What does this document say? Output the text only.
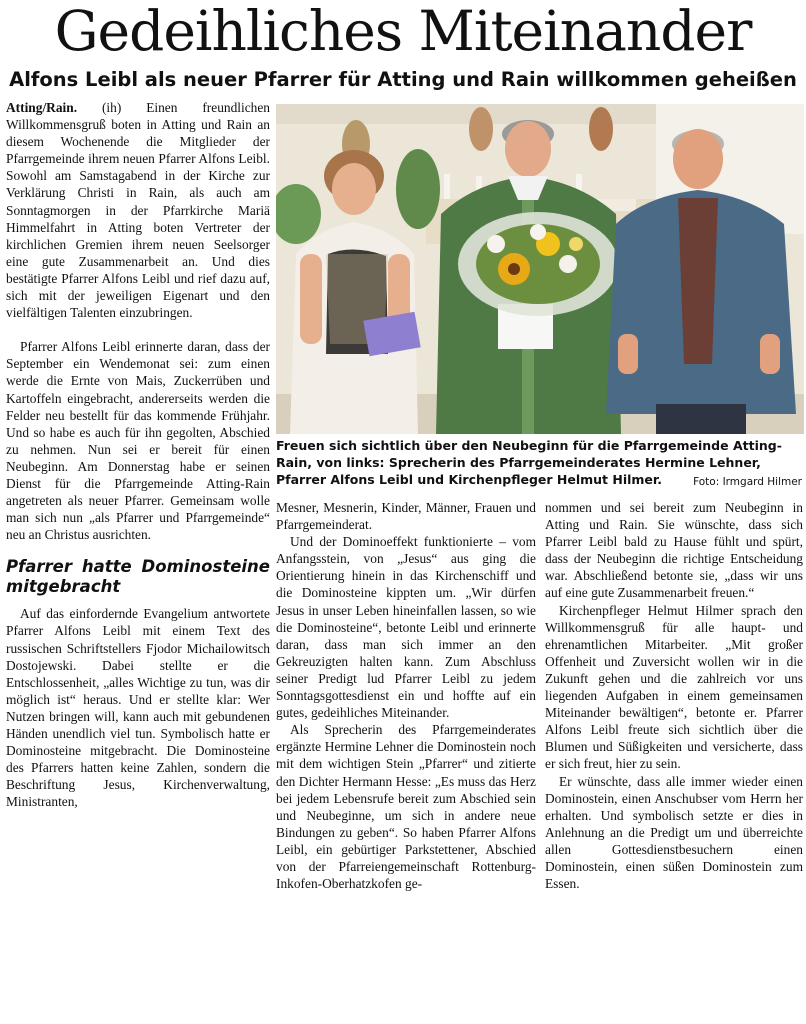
Gedeihliches Miteinander
Alfons Leibl als neuer Pfarrer für Atting und Rain willkommen geheißen

Atting/Rain. (ih) Einen freundlichen Willkommensgruß boten in Atting und Rain an diesem Wochenende die Mitglieder der Pfarrgemeinde ihrem neuen Pfarrer Alfons Leibl. Sowohl am Samstagabend in der Kirche zur Verklärung Christi in Rain, als auch am Sonntagmorgen in der Pfarrkirche Mariä Himmelfahrt in Atting boten Vertreter der kirchlichen Gremien ihrem neuen Seelsorger eine gute Zusammenarbeit an. Und dies bestätigte Pfarrer Alfons Leibl und rief dazu auf, sich mit der jeweiligen Eigenart und den vielfältigen Talenten einzubringen.

Pfarrer Alfons Leibl erinnerte daran, dass der September ein Wendemonat sei: zum einen werde die Ernte von Mais, Zuckerrüben und Kartoffeln eingebracht, andererseits werden die Felder neu bestellt für das kommende Frühjahr. Und so habe es auch für ihn gegolten, Abschied zu nehmen. Nun sei er bereit für einen Neubeginn. Am Donnerstag habe er seinen Dienst für die Pfarrgemeinde Atting-Rain angetreten als neuer Pfarrer. Gemeinsam wolle man sich nun „als Pfarrer und Pfarrgemeinde“ neu an Christus ausrichten.

Pfarrer hatte Dominosteine mitgebracht

Auf das einfordernde Evangelium antwortete Pfarrer Alfons Leibl mit einem Text des russischen Schriftstellers Fjodor Michailowitsch Dostojewski. Dabei stellte er die Entschlossenheit, „alles Wichtige zu tun, was dir möglich ist“ heraus. Und er stellte klar: Wer Nutzen bringen will, kann auch mit gebundenen Händen unendlich viel tun. Symbolisch hatte er Dominosteine mitgebracht. Die Dominosteine des Pfarrers hatten keine Zahlen, sondern die Beschriftung Jesus, Kirchenverwaltung, Ministranten,

Freuen sich sichtlich über den Neubeginn für die Pfarrgemeinde Atting-Rain, von links: Sprecherin des Pfarrgemeinderates Hermine Lehner, Pfarrer Alfons Leibl und Kirchenpfleger Helmut Hilmer.	Foto: Irmgard Hilmer

Mesner, Mesnerin, Kinder, Männer, Frauen und Pfarrgemeinderat.

Und der Dominoeffekt funktionierte – vom Anfangsstein, von „Jesus“ aus ging die Orientierung hinein in das Kirchenschiff und die Dominosteine kippten um. „Wir dürfen Jesus in unser Leben hineinfallen lassen, so wie die Dominosteine“, betonte Leibl und erinnerte daran, dass man sich immer an den Gekreuzigten halten kann. Zum Abschluss seiner Predigt lud Pfarrer Leibl zu jedem Sonntagsgottesdienst ein und hoffte auf ein gutes, gedeihliches Miteinander.

Als Sprecherin des Pfarrgemeinderates ergänzte Hermine Lehner die Dominostein noch mit dem wichtigen Stein „Pfarrer“ und zitierte den Dichter Hermann Hesse: „Es muss das Herz bei jedem Lebensrufe bereit zum Abschied sein und Neubeginne, um sich in andere neue Bindungen zu geben“. So haben Pfarrer Alfons Leibl, ein gebürtiger Parkstettener, Abschied von der Pfarreiengemeinschaft Rottenburg-Inkofen-Oberhatzkofen ge-

nommen und sei bereit zum Neubeginn in Atting und Rain. Sie wünschte, dass sich Pfarrer Leibl bald zu Hause fühlt und spürt, dass der Neubeginn die richtige Entscheidung war. Abschließend betonte sie, „dass wir uns auf eine gute Zusammenarbeit freuen.“

Kirchenpfleger Helmut Hilmer sprach den Willkommensgruß für alle haupt- und ehrenamtlichen Mitarbeiter. „Mit großer Offenheit und Zuversicht wollen wir in die Zukunft gehen und die zahlreich vor uns liegenden Aufgaben in einem gemeinsamen Miteinander bewältigen“, betonte er. Pfarrer Alfons Leibl freute sich sichtlich über die Blumen und Süßigkeiten und versicherte, dass er sich freut, hier zu sein.

Er wünschte, dass alle immer wieder einen Dominostein, einen Anschubser vom Herrn her erhalten. Und symbolisch setzte er dies in Anlehnung an die Predigt um und überreichte allen Gottesdienstbesuchern einen Dominostein, einen süßen Dominostein zum Essen.
